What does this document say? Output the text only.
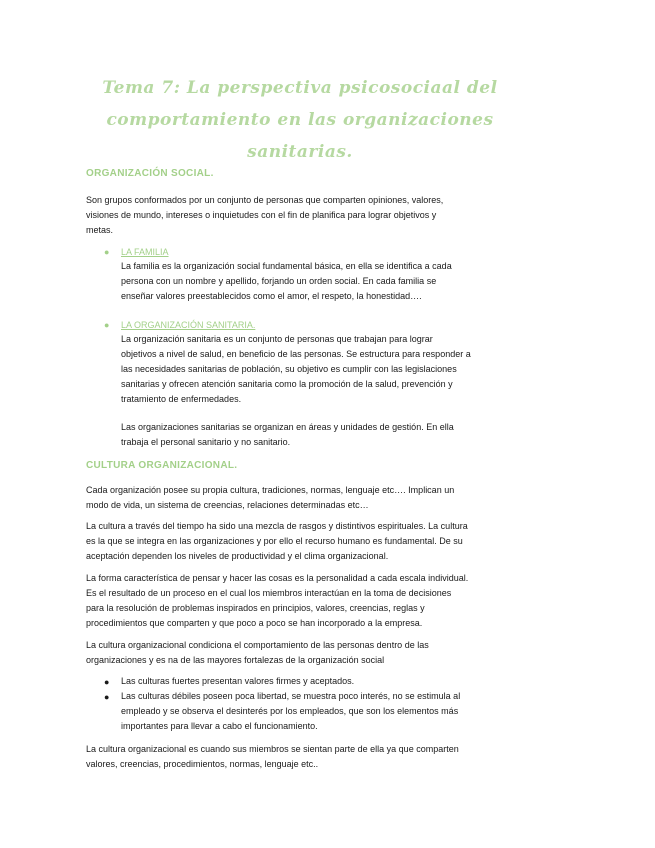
Tema 7: La perspectiva psicosociaal del
comportamiento en las organizaciones
sanitarias.
ORGANIZACIÓN SOCIAL.
Son grupos conformados por un conjunto de personas que comparten opiniones, valores,
visiones de mundo, intereses o inquietudes con el fin de planifica para lograr objetivos y
metas.
● LA FAMILIA
La familia es la organización social fundamental básica, en ella se identifica a cada
persona con un nombre y apellido, forjando un orden social. En cada familia se
enseñar valores preestablecidos como el amor, el respeto, la honestidad….
● LA ORGANIZACIÓN SANITARIA.
La organización sanitaria es un conjunto de personas que trabajan para lograr
objetivos a nivel de salud, en beneficio de las personas. Se estructura para responder a
las necesidades sanitarias de población, su objetivo es cumplir con las legislaciones
sanitarias y ofrecen atención sanitaria como la promoción de la salud, prevención y
tratamiento de enfermedades.
Las organizaciones sanitarias se organizan en áreas y unidades de gestión. En ella
trabaja el personal sanitario y no sanitario.
CULTURA ORGANIZACIONAL.
Cada organización posee su propia cultura, tradiciones, normas, lenguaje etc…. Implican un
modo de vida, un sistema de creencias, relaciones determinadas etc…
La cultura a través del tiempo ha sido una mezcla de rasgos y distintivos espirituales. La cultura
es la que se integra en las organizaciones y por ello el recurso humano es fundamental. De su
aceptación dependen los niveles de productividad y el clima organizacional.
La forma característica de pensar y hacer las cosas es la personalidad a cada escala individual.
Es el resultado de un proceso en el cual los miembros interactúan en la toma de decisiones
para la resolución de problemas inspirados en principios, valores, creencias, reglas y
procedimientos que comparten y que poco a poco se han incorporado a la empresa.
La cultura organizacional condiciona el comportamiento de las personas dentro de las
organizaciones y es na de las mayores fortalezas de la organización social
● Las culturas fuertes presentan valores firmes y aceptados.
● Las culturas débiles poseen poca libertad, se muestra poco interés, no se estimula al
empleado y se observa el desinterés por los empleados, que son los elementos más
importantes para llevar a cabo el funcionamiento.
La cultura organizacional es cuando sus miembros se sientan parte de ella ya que comparten
valores, creencias, procedimientos, normas, lenguaje etc..
